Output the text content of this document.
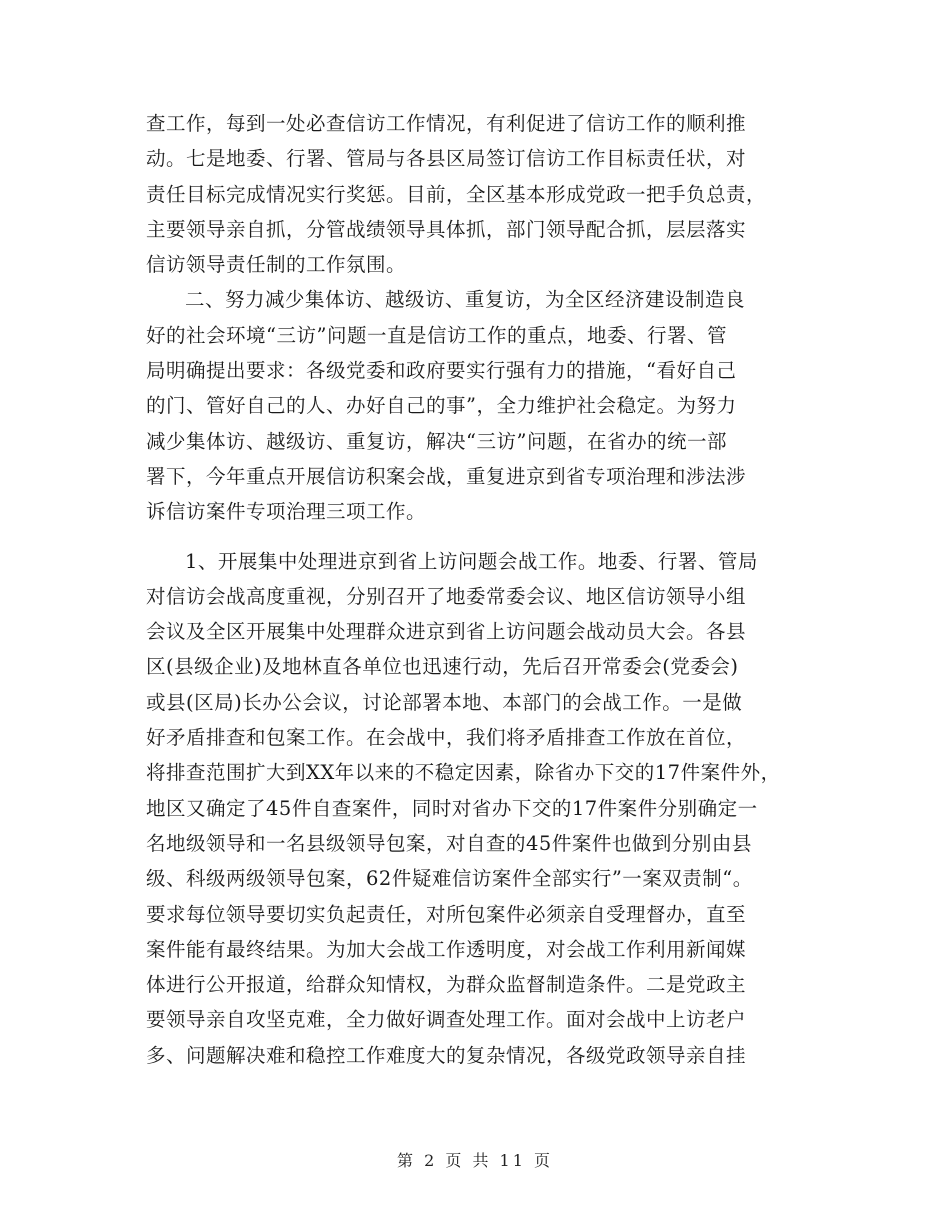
查工作，每到一处必查信访工作情况，有利促进了信访工作的顺利推
动。七是地委、行署、管局与各县区局签订信访工作目标责任状，对
责任目标完成情况实行奖惩。目前，全区基本形成党政一把手负总责，
主要领导亲自抓，分管战绩领导具体抓，部门领导配合抓，层层落实
信访领导责任制的工作氛围。
二、努力减少集体访、越级访、重复访，为全区经济建设制造良
好的社会环境“三访”问题一直是信访工作的重点，地委、行署、管
局明确提出要求：各级党委和政府要实行强有力的措施，“看好自己
的门、管好自己的人、办好自己的事”，全力维护社会稳定。为努力
减少集体访、越级访、重复访，解决“三访”问题，在省办的统一部
署下，今年重点开展信访积案会战，重复进京到省专项治理和涉法涉
诉信访案件专项治理三项工作。
1、开展集中处理进京到省上访问题会战工作。地委、行署、管局
对信访会战高度重视，分别召开了地委常委会议、地区信访领导小组
会议及全区开展集中处理群众进京到省上访问题会战动员大会。各县
区(县级企业)及地林直各单位也迅速行动，先后召开常委会(党委会)
或县(区局)长办公会议，讨论部署本地、本部门的会战工作。一是做
好矛盾排查和包案工作。在会战中，我们将矛盾排查工作放在首位，
将排查范围扩大到XX年以来的不稳定因素，除省办下交的17件案件外，
地区又确定了45件自查案件，同时对省办下交的17件案件分别确定一
名地级领导和一名县级领导包案，对自查的45件案件也做到分别由县
级、科级两级领导包案，62件疑难信访案件全部实行”一案双责制“。
要求每位领导要切实负起责任，对所包案件必须亲自受理督办，直至
案件能有最终结果。为加大会战工作透明度，对会战工作利用新闻媒
体进行公开报道，给群众知情权，为群众监督制造条件。二是党政主
要领导亲自攻坚克难，全力做好调查处理工作。面对会战中上访老户
多、问题解决难和稳控工作难度大的复杂情况，各级党政领导亲自挂
第 2 页 共 11 页
